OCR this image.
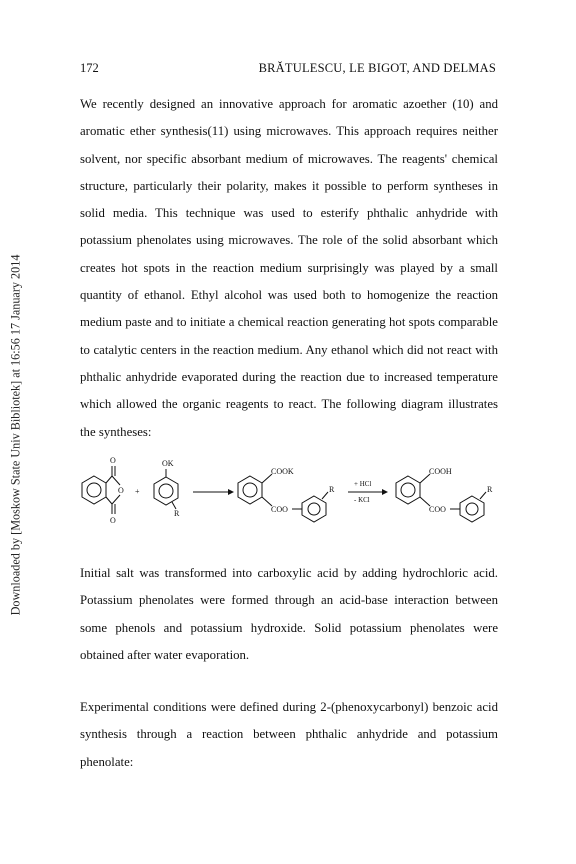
Downloaded by [Moskow State Univ Bibliotek] at 16:56 17 January 2014
172	BRĂTULESCU, LE BIGOT, AND DELMAS

We recently designed an innovative approach for aromatic azoether (10) and aromatic ether synthesis(11) using microwaves. This approach requires neither solvent, nor specific absorbant medium of microwaves. The reagents' chemical structure, particularly their polarity, makes it possible to perform syntheses in solid media. This technique was used to esterify phthalic anhydride with potassium phenolates using microwaves. The role of the solid absorbant which creates hot spots in the reaction medium surprisingly was played by a small quantity of ethanol. Ethyl alcohol was used both to homogenize the reaction medium paste and to initiate a chemical reaction generating hot spots comparable to catalytic centers in the reaction medium. Any ethanol which did not react with phthalic anhydride evaporated during the reaction due to increased temperature which allowed the organic reagents to react. The following diagram illustrates the syntheses:

O
O
O
+
OK
R
COOK
COO
R
+ HCl
- KCl
COOH
COO
R

Initial salt was transformed into carboxylic acid by adding hydrochloric acid. Potassium phenolates were formed through an acid-base interaction between some phenols and potassium hydroxide. Solid potassium phenolates were obtained after water evaporation.

Experimental conditions were defined during 2-(phenoxycarbonyl) benzoic acid synthesis through a reaction between phthalic anhydride and potassium phenolate:
